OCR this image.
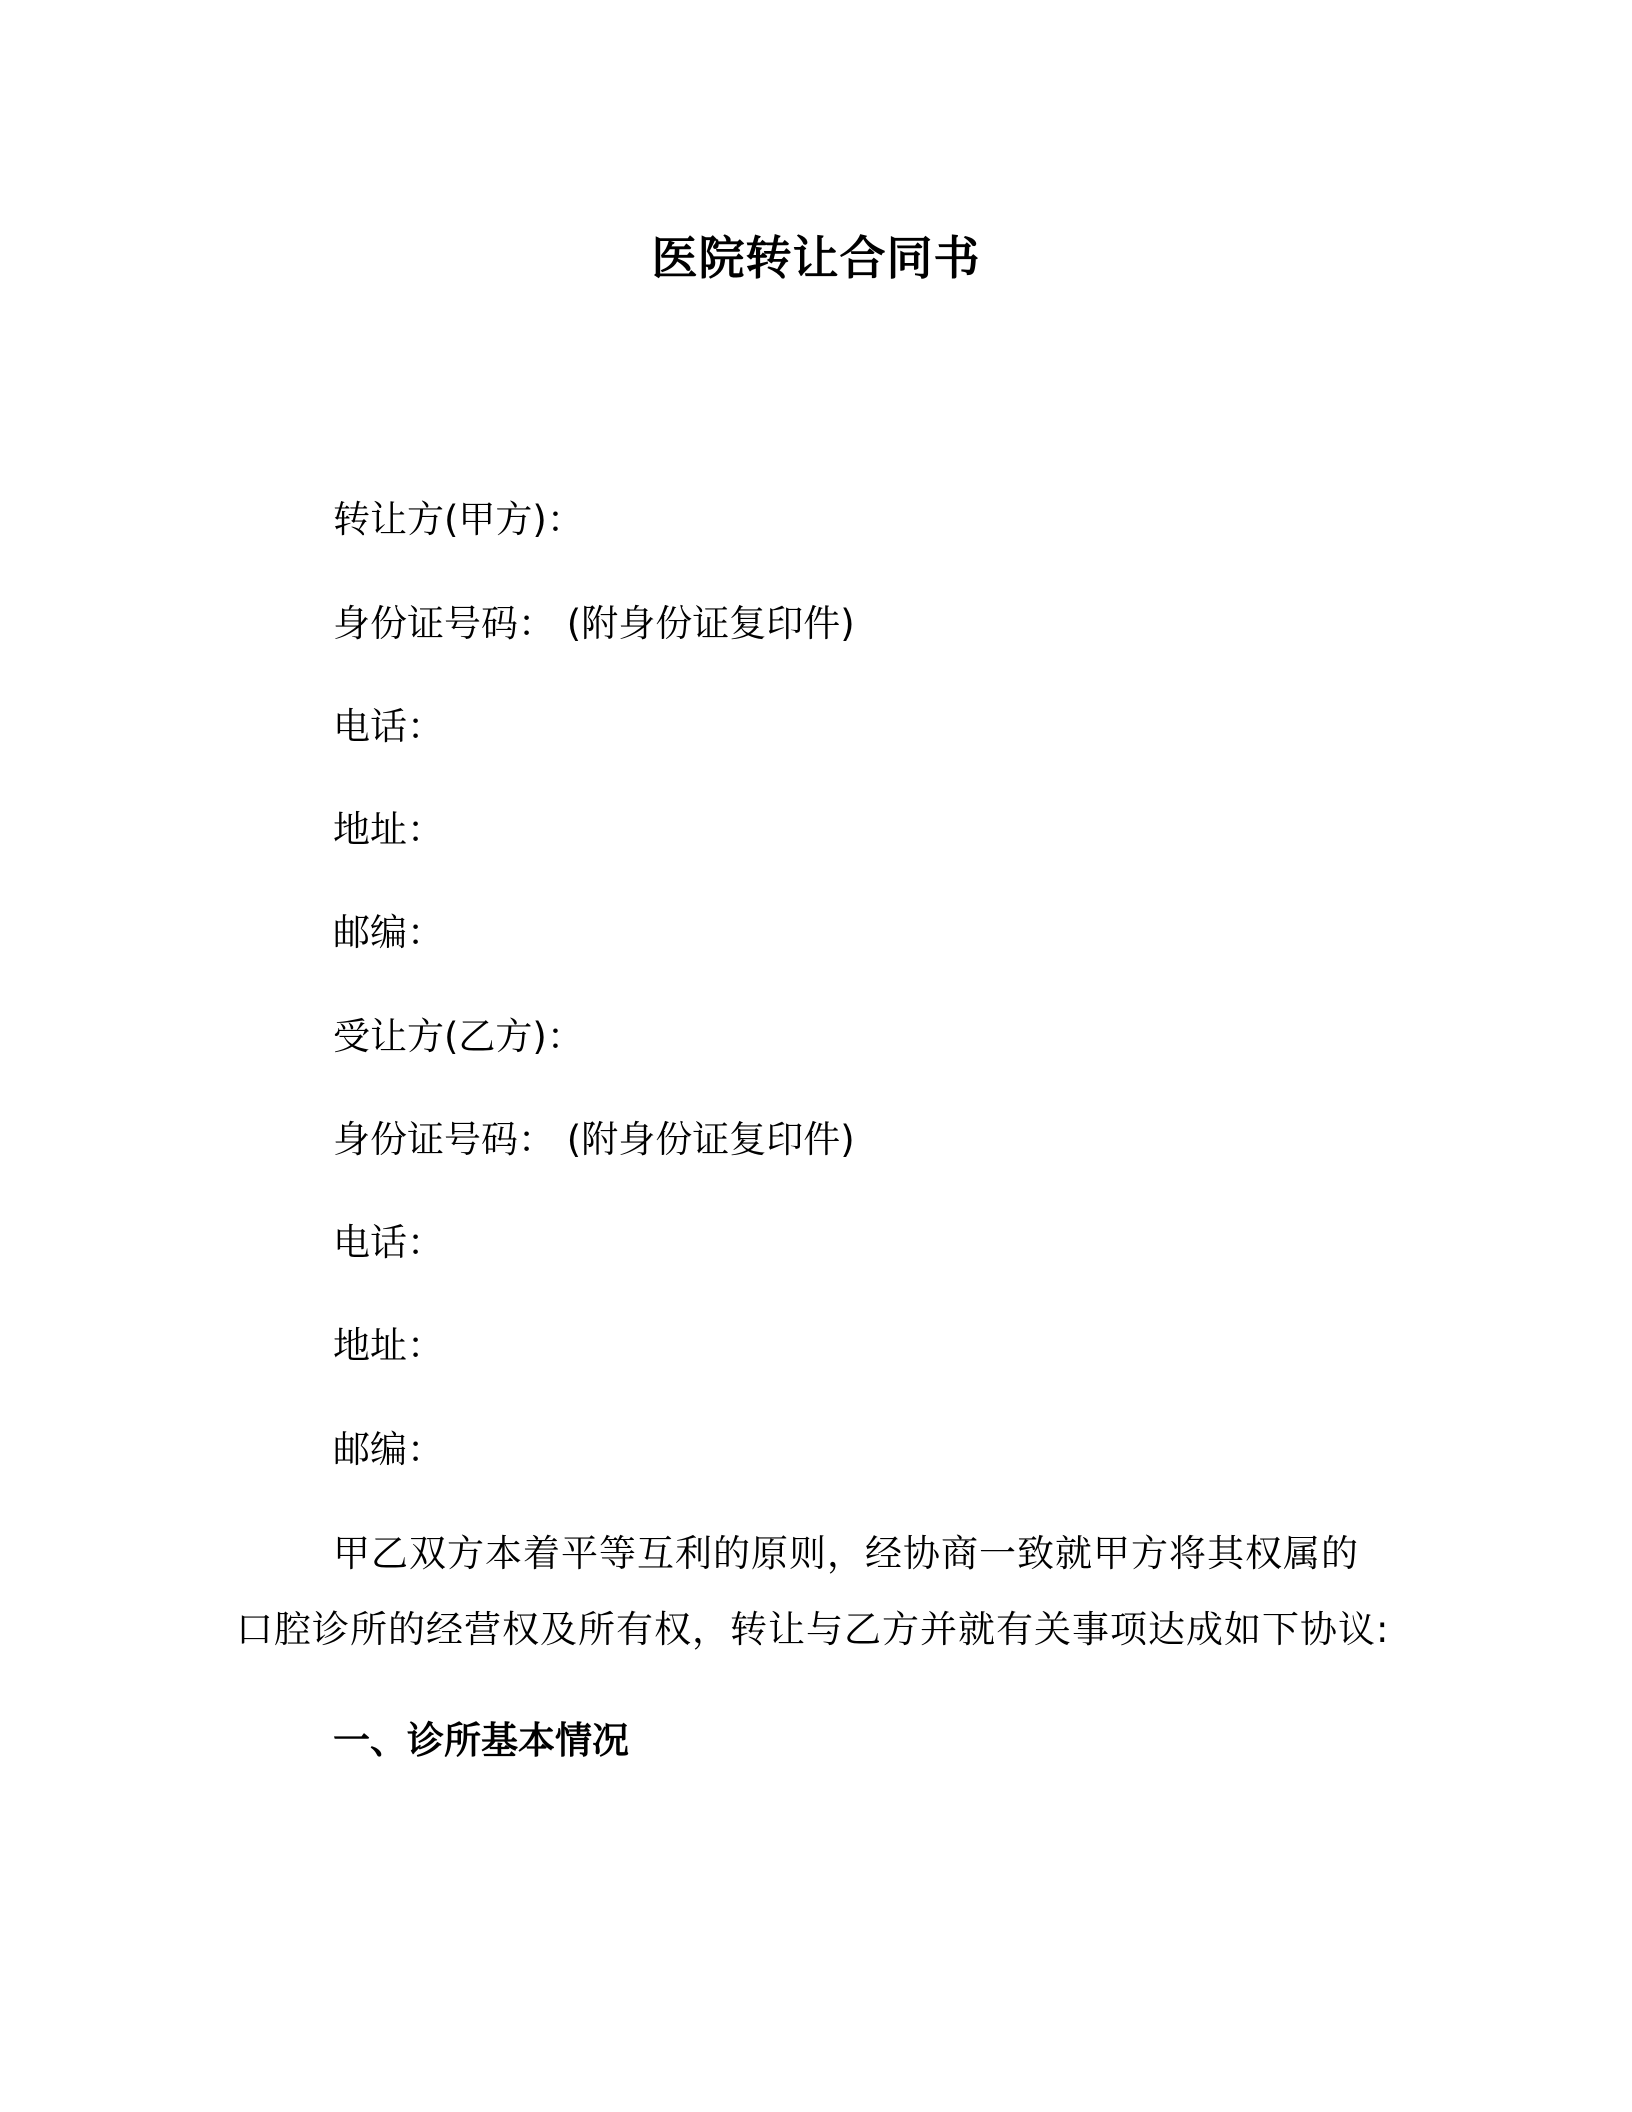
医院转让合同书
转让方(甲方)：
身份证号码： (附身份证复印件)
电话：
地址：
邮编：
受让方(乙方)：
身份证号码： (附身份证复印件)
电话：
地址：
邮编：
甲乙双方本着平等互利的原则，经协商一致就甲方将其权属的口腔诊所的经营权及所有权，转让与乙方并就有关事项达成如下协议:
一、诊所基本情况
